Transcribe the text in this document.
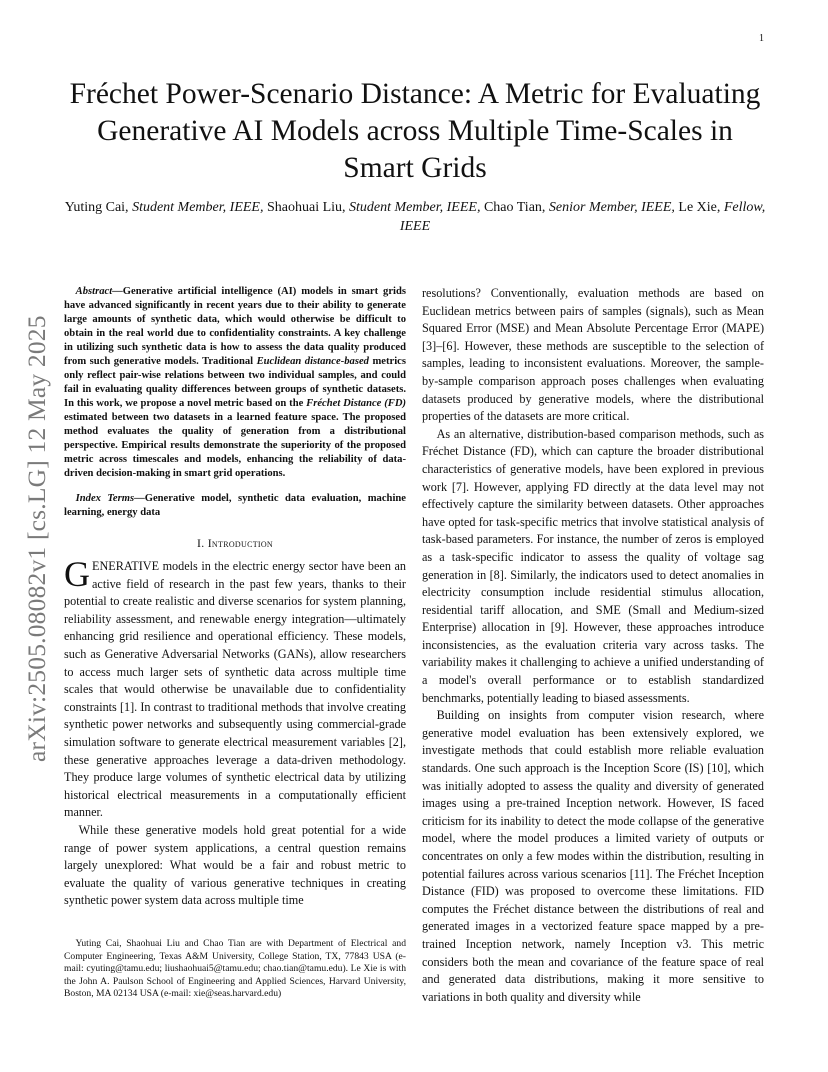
1
arXiv:2505.08082v1 [cs.LG] 12 May 2025
Fréchet Power-Scenario Distance: A Metric for Evaluating Generative AI Models across Multiple Time-Scales in Smart Grids

Yuting Cai, Student Member, IEEE, Shaohuai Liu, Student Member, IEEE, Chao Tian, Senior Member, IEEE, Le Xie, Fellow, IEEE

Abstract—Generative artificial intelligence (AI) models in smart grids have advanced significantly in recent years due to their ability to generate large amounts of synthetic data, which would otherwise be difficult to obtain in the real world due to confidentiality constraints. A key challenge in utilizing such synthetic data is how to assess the data quality produced from such generative models. Traditional Euclidean distance-based metrics only reflect pair-wise relations between two individual samples, and could fail in evaluating quality differences between groups of synthetic datasets. In this work, we propose a novel metric based on the Fréchet Distance (FD) estimated between two datasets in a learned feature space. The proposed method evaluates the quality of generation from a distributional perspective. Empirical results demonstrate the superiority of the proposed metric across timescales and models, enhancing the reliability of data-driven decision-making in smart grid operations.

Index Terms—Generative model, synthetic data evaluation, machine learning, energy data

I. Introduction

GENERATIVE models in the electric energy sector have been an active field of research in the past few years, thanks to their potential to create realistic and diverse scenarios for system planning, reliability assessment, and renewable energy integration—ultimately enhancing grid resilience and operational efficiency. These models, such as Generative Adversarial Networks (GANs), allow researchers to access much larger sets of synthetic data across multiple time scales that would otherwise be unavailable due to confidentiality constraints [1]. In contrast to traditional methods that involve creating synthetic power networks and subsequently using commercial-grade simulation software to generate electrical measurement variables [2], these generative approaches leverage a data-driven methodology. They produce large volumes of synthetic electrical data by utilizing historical electrical measurements in a computationally efficient manner.

While these generative models hold great potential for a wide range of power system applications, a central question remains largely unexplored: What would be a fair and robust metric to evaluate the quality of various generative techniques in creating synthetic power system data across multiple time

Yuting Cai, Shaohuai Liu and Chao Tian are with Department of Electrical and Computer Engineering, Texas A&M University, College Station, TX, 77843 USA (e-mail: cyuting@tamu.edu; liushaohuai5@tamu.edu; chao.tian@tamu.edu). Le Xie is with the John A. Paulson School of Engineering and Applied Sciences, Harvard University, Boston, MA 02134 USA (e-mail: xie@seas.harvard.edu)

resolutions? Conventionally, evaluation methods are based on Euclidean metrics between pairs of samples (signals), such as Mean Squared Error (MSE) and Mean Absolute Percentage Error (MAPE) [3]–[6]. However, these methods are susceptible to the selection of samples, leading to inconsistent evaluations. Moreover, the sample-by-sample comparison approach poses challenges when evaluating datasets produced by generative models, where the distributional properties of the datasets are more critical.

As an alternative, distribution-based comparison methods, such as Fréchet Distance (FD), which can capture the broader distributional characteristics of generative models, have been explored in previous work [7]. However, applying FD directly at the data level may not effectively capture the similarity between datasets. Other approaches have opted for task-specific metrics that involve statistical analysis of task-based parameters. For instance, the number of zeros is employed as a task-specific indicator to assess the quality of voltage sag generation in [8]. Similarly, the indicators used to detect anomalies in electricity consumption include residential stimulus allocation, residential tariff allocation, and SME (Small and Medium-sized Enterprise) allocation in [9]. However, these approaches introduce inconsistencies, as the evaluation criteria vary across tasks. The variability makes it challenging to achieve a unified understanding of a model's overall performance or to establish standardized benchmarks, potentially leading to biased assessments.

Building on insights from computer vision research, where generative model evaluation has been extensively explored, we investigate methods that could establish more reliable evaluation standards. One such approach is the Inception Score (IS) [10], which was initially adopted to assess the quality and diversity of generated images using a pre-trained Inception network. However, IS faced criticism for its inability to detect the mode collapse of the generative model, where the model produces a limited variety of outputs or concentrates on only a few modes within the distribution, resulting in potential failures across various scenarios [11]. The Fréchet Inception Distance (FID) was proposed to overcome these limitations. FID computes the Fréchet distance between the distributions of real and generated images in a vectorized feature space mapped by a pre-trained Inception network, namely Inception v3. This metric considers both the mean and covariance of the feature space of real and generated data distributions, making it more sensitive to variations in both quality and diversity while
